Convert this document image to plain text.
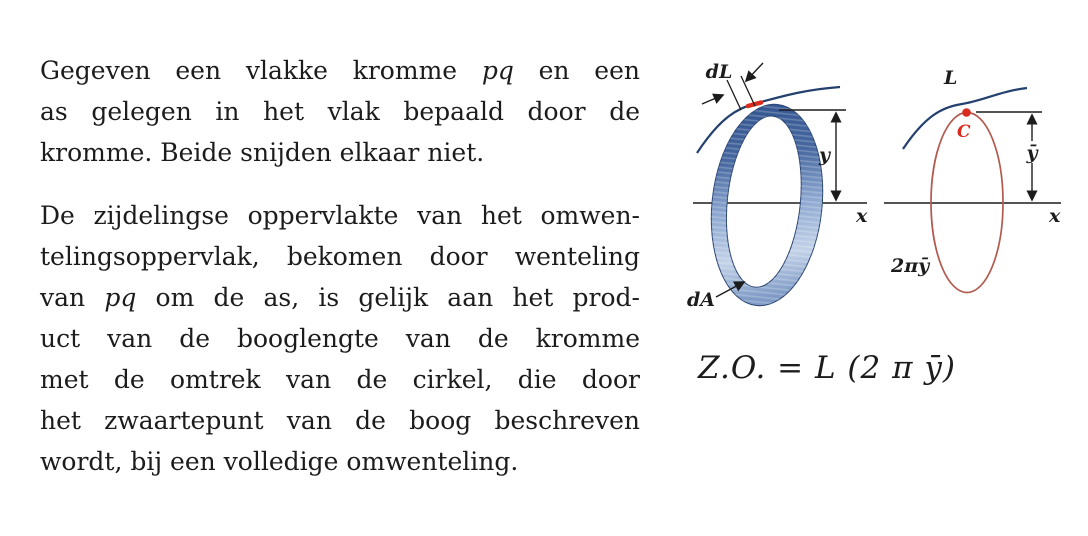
Gegeven een vlakke kromme pq en een
as gelegen in het vlak bepaald door de
kromme. Beide snijden elkaar niet.
De zijdelingse oppervlakte van het omwen-
telingsoppervlak, bekomen door wenteling
van pq om de as, is gelijk aan het prod-
uct van de booglengte van de kromme
met de omtrek van de cirkel, die door
het zwaartepunt van de boog beschreven
wordt, bij een volledige omwenteling.
dL
y
x
dA
C
L
ȳ
x
2πȳ
Z.O. = L (2 π ȳ)
